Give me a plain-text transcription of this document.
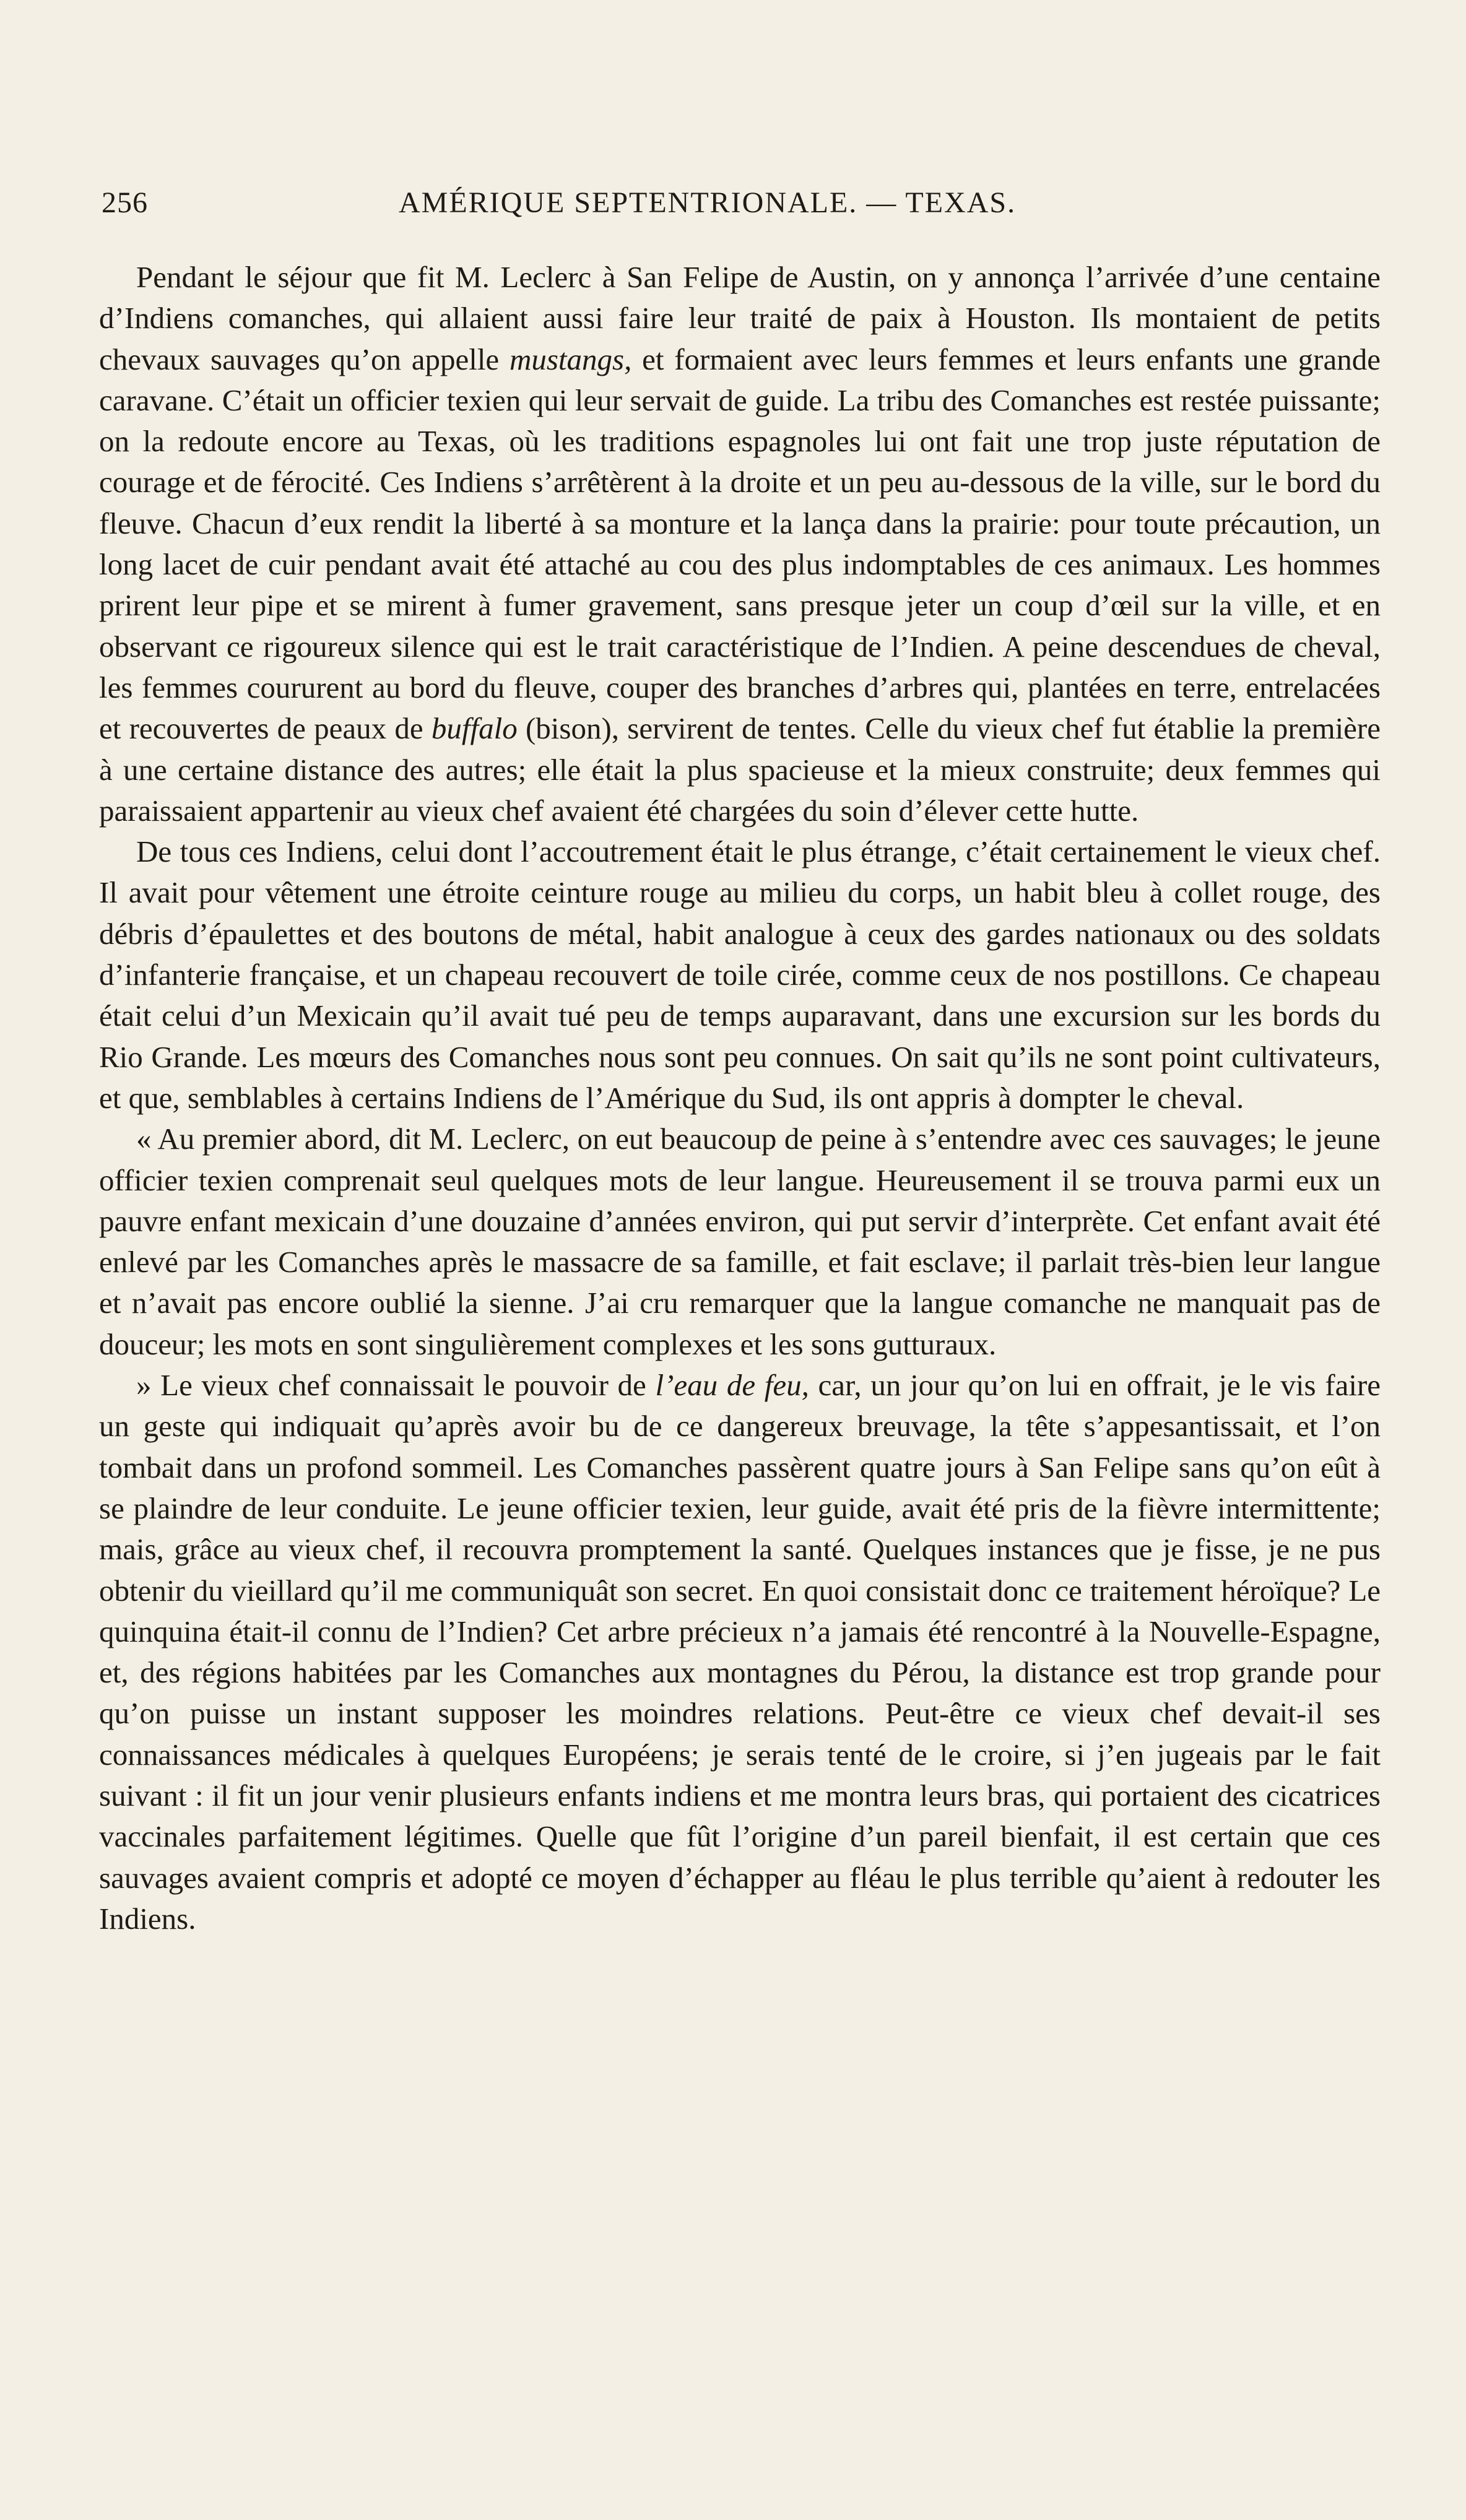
256	AMÉRIQUE SEPTENTRIONALE. — TEXAS.

Pendant le séjour que fit M. Leclerc à San Felipe de Austin, on y annonça l’arrivée d’une centaine d’Indiens comanches, qui allaient aussi faire leur traité de paix à Houston. Ils montaient de petits chevaux sauvages qu’on appelle mustangs, et formaient avec leurs femmes et leurs enfants une grande caravane. C’était un officier texien qui leur servait de guide. La tribu des Comanches est restée puissante; on la redoute encore au Texas, où les traditions espagnoles lui ont fait une trop juste réputation de courage et de férocité. Ces Indiens s’arrêtèrent à la droite et un peu au-dessous de la ville, sur le bord du fleuve. Chacun d’eux rendit la liberté à sa monture et la lança dans la prairie: pour toute précaution, un long lacet de cuir pendant avait été attaché au cou des plus indomptables de ces animaux. Les hommes prirent leur pipe et se mirent à fumer gravement, sans presque jeter un coup d’œil sur la ville, et en observant ce rigoureux silence qui est le trait caractéristique de l’Indien. A peine descendues de cheval, les femmes coururent au bord du fleuve, couper des branches d’arbres qui, plantées en terre, entrelacées et recouvertes de peaux de buffalo (bison), servirent de tentes. Celle du vieux chef fut établie la première à une certaine distance des autres; elle était la plus spacieuse et la mieux construite; deux femmes qui paraissaient appartenir au vieux chef avaient été chargées du soin d’élever cette hutte.

De tous ces Indiens, celui dont l’accoutrement était le plus étrange, c’était certainement le vieux chef. Il avait pour vêtement une étroite ceinture rouge au milieu du corps, un habit bleu à collet rouge, des débris d’épaulettes et des boutons de métal, habit analogue à ceux des gardes nationaux ou des soldats d’infanterie française, et un chapeau recouvert de toile cirée, comme ceux de nos postillons. Ce chapeau était celui d’un Mexicain qu’il avait tué peu de temps auparavant, dans une excursion sur les bords du Rio Grande. Les mœurs des Comanches nous sont peu connues. On sait qu’ils ne sont point cultivateurs, et que, semblables à certains Indiens de l’Amérique du Sud, ils ont appris à dompter le cheval.

« Au premier abord, dit M. Leclerc, on eut beaucoup de peine à s’entendre avec ces sauvages; le jeune officier texien comprenait seul quelques mots de leur langue. Heureusement il se trouva parmi eux un pauvre enfant mexicain d’une douzaine d’années environ, qui put servir d’interprète. Cet enfant avait été enlevé par les Comanches après le massacre de sa famille, et fait esclave; il parlait très-bien leur langue et n’avait pas encore oublié la sienne. J’ai cru remarquer que la langue comanche ne manquait pas de douceur; les mots en sont singulièrement complexes et les sons gutturaux.

» Le vieux chef connaissait le pouvoir de l’eau de feu, car, un jour qu’on lui en offrait, je le vis faire un geste qui indiquait qu’après avoir bu de ce dangereux breuvage, la tête s’appesantissait, et l’on tombait dans un profond sommeil. Les Comanches passèrent quatre jours à San Felipe sans qu’on eût à se plaindre de leur conduite. Le jeune officier texien, leur guide, avait été pris de la fièvre intermittente; mais, grâce au vieux chef, il recouvra promptement la santé. Quelques instances que je fisse, je ne pus obtenir du vieillard qu’il me communiquât son secret. En quoi consistait donc ce traitement héroïque? Le quinquina était-il connu de l’Indien? Cet arbre précieux n’a jamais été rencontré à la Nouvelle-Espagne, et, des régions habitées par les Comanches aux montagnes du Pérou, la distance est trop grande pour qu’on puisse un instant supposer les moindres relations. Peut-être ce vieux chef devait-il ses connaissances médicales à quelques Européens; je serais tenté de le croire, si j’en jugeais par le fait suivant : il fit un jour venir plusieurs enfants indiens et me montra leurs bras, qui portaient des cicatrices vaccinales parfaitement légitimes. Quelle que fût l’origine d’un pareil bienfait, il est certain que ces sauvages avaient compris et adopté ce moyen d’échapper au fléau le plus terrible qu’aient à redouter les Indiens.
